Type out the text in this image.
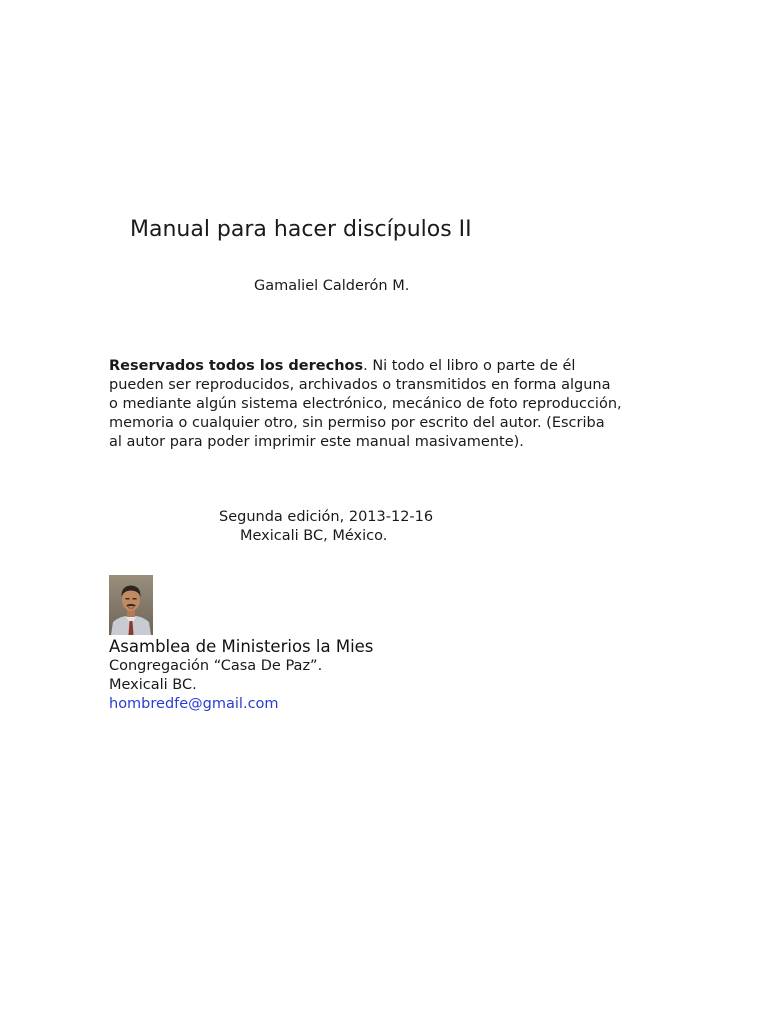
Manual para hacer discípulos II
Gamaliel Calderón M.

Reservados todos los derechos. Ni todo el libro o parte de él
pueden ser reproducidos, archivados o transmitidos en forma alguna
o mediante algún sistema electrónico, mecánico de foto reproducción,
memoria o cualquier otro, sin permiso por escrito del autor. (Escriba
al autor para poder imprimir este manual masivamente).

Segunda edición, 2013-12-16
Mexicali BC, México.
Asamblea de Ministerios la Mies
Congregación “Casa De Paz”.
Mexicali BC.
hombredfe@gmail.com
